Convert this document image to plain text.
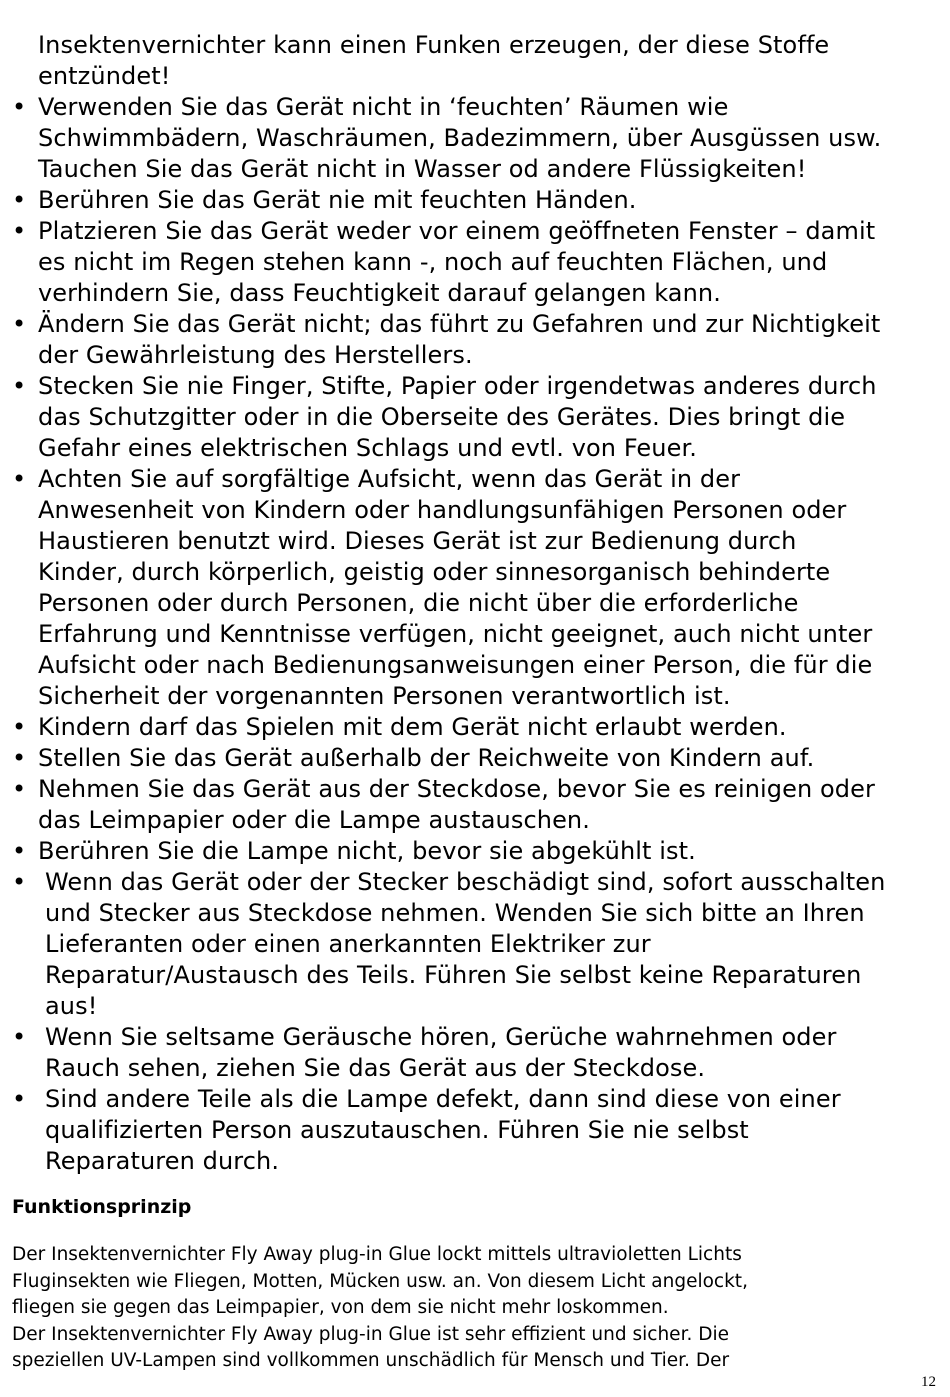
Insektenvernichter kann einen Funken erzeugen, der diese Stoffe
entzündet!
• Verwenden Sie das Gerät nicht in ‘feuchten’ Räumen wie
Schwimmbädern, Waschräumen, Badezimmern, über Ausgüssen usw.
Tauchen Sie das Gerät nicht in Wasser od andere Flüssigkeiten!
• Berühren Sie das Gerät nie mit feuchten Händen.
• Platzieren Sie das Gerät weder vor einem geöffneten Fenster – damit
es nicht im Regen stehen kann -, noch auf feuchten Flächen, und
verhindern Sie, dass Feuchtigkeit darauf gelangen kann.
• Ändern Sie das Gerät nicht; das führt zu Gefahren und zur Nichtigkeit
der Gewährleistung des Herstellers.
• Stecken Sie nie Finger, Stifte, Papier oder irgendetwas anderes durch
das Schutzgitter oder in die Oberseite des Gerätes. Dies bringt die
Gefahr eines elektrischen Schlags und evtl. von Feuer.
• Achten Sie auf sorgfältige Aufsicht, wenn das Gerät in der
Anwesenheit von Kindern oder handlungsunfähigen Personen oder
Haustieren benutzt wird. Dieses Gerät ist zur Bedienung durch
Kinder, durch körperlich, geistig oder sinnesorganisch behinderte
Personen oder durch Personen, die nicht über die erforderliche
Erfahrung und Kenntnisse verfügen, nicht geeignet, auch nicht unter
Aufsicht oder nach Bedienungsanweisungen einer Person, die für die
Sicherheit der vorgenannten Personen verantwortlich ist.
• Kindern darf das Spielen mit dem Gerät nicht erlaubt werden.
• Stellen Sie das Gerät außerhalb der Reichweite von Kindern auf.
• Nehmen Sie das Gerät aus der Steckdose, bevor Sie es reinigen oder
das Leimpapier oder die Lampe austauschen.
• Berühren Sie die Lampe nicht, bevor sie abgekühlt ist.
• Wenn das Gerät oder der Stecker beschädigt sind, sofort ausschalten
und Stecker aus Steckdose nehmen. Wenden Sie sich bitte an Ihren
Lieferanten oder einen anerkannten Elektriker zur
Reparatur/Austausch des Teils. Führen Sie selbst keine Reparaturen
aus!
• Wenn Sie seltsame Geräusche hören, Gerüche wahrnehmen oder
Rauch sehen, ziehen Sie das Gerät aus der Steckdose.
• Sind andere Teile als die Lampe defekt, dann sind diese von einer
qualifizierten Person auszutauschen. Führen Sie nie selbst
Reparaturen durch.
Funktionsprinzip
Der Insektenvernichter Fly Away plug-in Glue lockt mittels ultravioletten Lichts
Fluginsekten wie Fliegen, Motten, Mücken usw. an. Von diesem Licht angelockt,
fliegen sie gegen das Leimpapier, von dem sie nicht mehr loskommen.
Der Insektenvernichter Fly Away plug-in Glue ist sehr effizient und sicher. Die
speziellen UV-Lampen sind vollkommen unschädlich für Mensch und Tier. Der
12
